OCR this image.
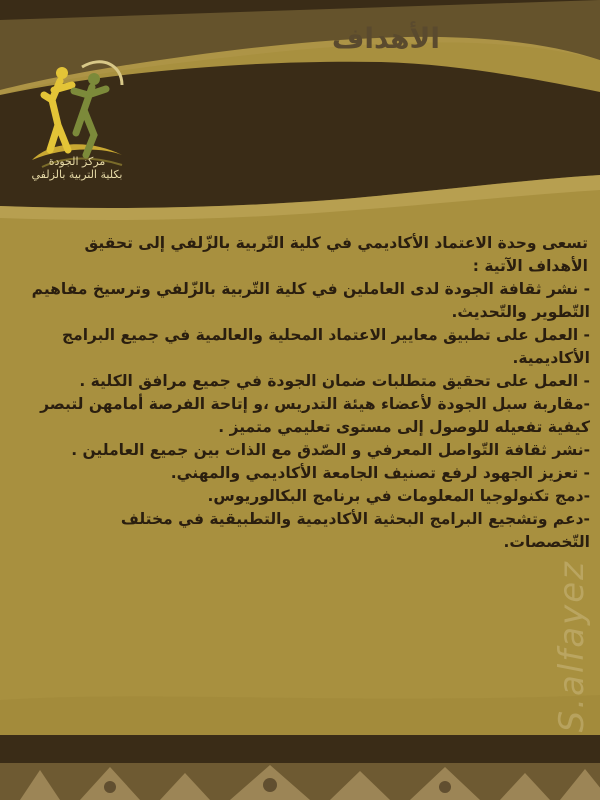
الأهداف
مركز الجودة
بكلية التربية بالزلفي

تسعى وحدة الاعتماد الأكاديمي في كلية التّربية بالزّلفي إلى تحقيق الأهداف الآتية :

- نشر ثقافة الجودة لدى العاملين في كلية التّربية بالزّلفي وترسيخ مفاهيم التّطوير والتّحديث.

- العمل على تطبيق معايير الاعتماد المحلية والعالمية في جميع البرامج الأكاديمية.

- العمل على تحقيق متطلبات ضمان الجودة في جميع مرافق الكلية .

-مقاربة سبل الجودة لأعضاء هيئة التدريس ،و إتاحة الفرصة أمامهن لتبصر كيفية تفعيله للوصول إلى مستوى تعليمي متميز .

-نشر ثقافة التّواصل المعرفي و الصّدق مع الذات بين جميع العاملين .

- تعزيز الجهود لرفع تصنيف الجامعة الأكاديمي والمهني.

-دمج تكنولوجيا المعلومات في برنامج البكالوريوس.

-دعم وتشجيع البرامج البحثية الأكاديمية والتطبيقية في مختلف التّخصصات.

S.alfayez
